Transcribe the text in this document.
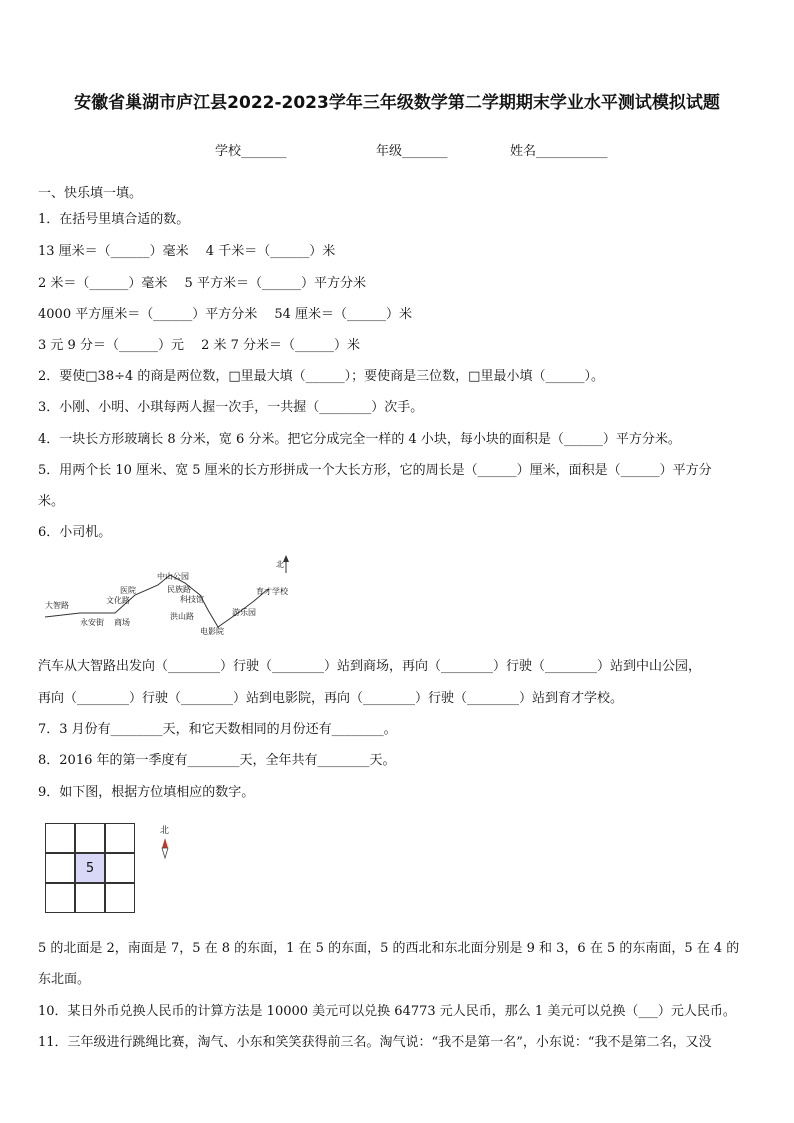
安徽省巢湖市庐江县2022-2023学年三年级数学第二学期期末学业水平测试模拟试题
学校_______	年级_______	姓名___________
一、快乐填一填。
1．在括号里填合适的数。
13 厘米＝（______）毫米　 4 千米＝（______）米
2 米＝（______）毫米　 5 平方米＝（______）平方分米
4000 平方厘米＝（______）平方分米　 54 厘米＝（______）米
3 元 9 分＝（______）元　 2 米 7 分米＝（______）米
2．要使□38÷4 的商是两位数，□里最大填（______）；要使商是三位数，□里最小填（______）。
3．小刚、小明、小琪每两人握一次手，一共握（________）次手。
4．一块长方形玻璃长 8 分米，宽 6 分米。把它分成完全一样的 4 小块，每小块的面积是（______）平方分米。
5．用两个长 10 厘米、宽 5 厘米的长方形拼成一个大长方形，它的周长是（______）厘米，面积是（______）平方分
米。
6．小司机。
北
大智路
永安街 商场
文化路
医院
中山公园
民族路
科技馆
洪山路
电影院
游乐园
育才学校
汽车从大智路出发向（________）行驶（________）站到商场，再向（________）行驶（________）站到中山公园，
再向（________）行驶（________）站到电影院，再向（________）行驶（________）站到育才学校。
7．3 月份有________天，和它天数相同的月份还有________。
8．2016 年的第一季度有________天，全年共有________天。
9．如下图，根据方位填相应的数字。
5
北
5 的北面是 2，南面是 7，5 在 8 的东面，1 在 5 的东面，5 的西北和东北面分别是 9 和 3，6 在 5 的东南面，5 在 4 的
东北面。
10．某日外币兑换人民币的计算方法是 10000 美元可以兑换 64773 元人民币，那么 1 美元可以兑换（___）元人民币。
11．三年级进行跳绳比赛，淘气、小东和笑笑获得前三名。淘气说：“我不是第一名”，小东说：“我不是第二名，又没
